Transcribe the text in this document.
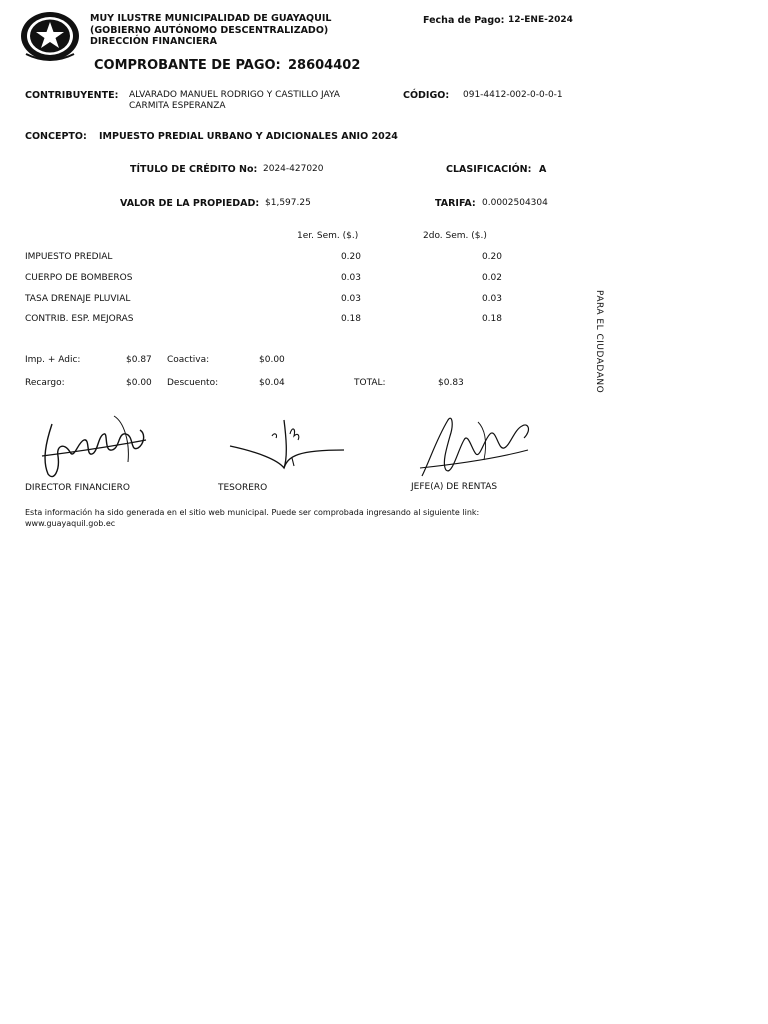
MUY ILUSTRE MUNICIPALIDAD DE GUAYAQUIL
(GOBIERNO AUTÓNOMO DESCENTRALIZADO)
DIRECCIÓN FINANCIERA
Fecha de Pago: 12-ENE-2024
COMPROBANTE DE PAGO: 28604402
CONTRIBUYENTE: ALVARADO MANUEL RODRIGO Y CASTILLO JAYA
CARMITA ESPERANZA
CÓDIGO: 091-4412-002-0-0-0-1
CONCEPTO: IMPUESTO PREDIAL URBANO Y ADICIONALES ANIO 2024
TÍTULO DE CRÉDITO No: 2024-427020	CLASIFICACIÓN: A
VALOR DE LA PROPIEDAD: $1,597.25	TARIFA: 0.0002504304
1er. Sem. ($.)	2do. Sem. ($.)
IMPUESTO PREDIAL	0.20	0.20
CUERPO DE BOMBEROS	0.03	0.02
TASA DRENAJE PLUVIAL	0.03	0.03
CONTRIB. ESP. MEJORAS	0.18	0.18	PARA EL CIUDADANO
Imp. + Adic:	$0.87 Coactiva:	$0.00
Recargo:	$0.00 Descuento:	$0.04	TOTAL:	$0.83
DIRECTOR FINANCIERO	TESORERO	JEFE(A) DE RENTAS
Esta información ha sido generada en el sitio web municipal. Puede ser comprobada ingresando al siguiente link:
www.guayaquil.gob.ec
